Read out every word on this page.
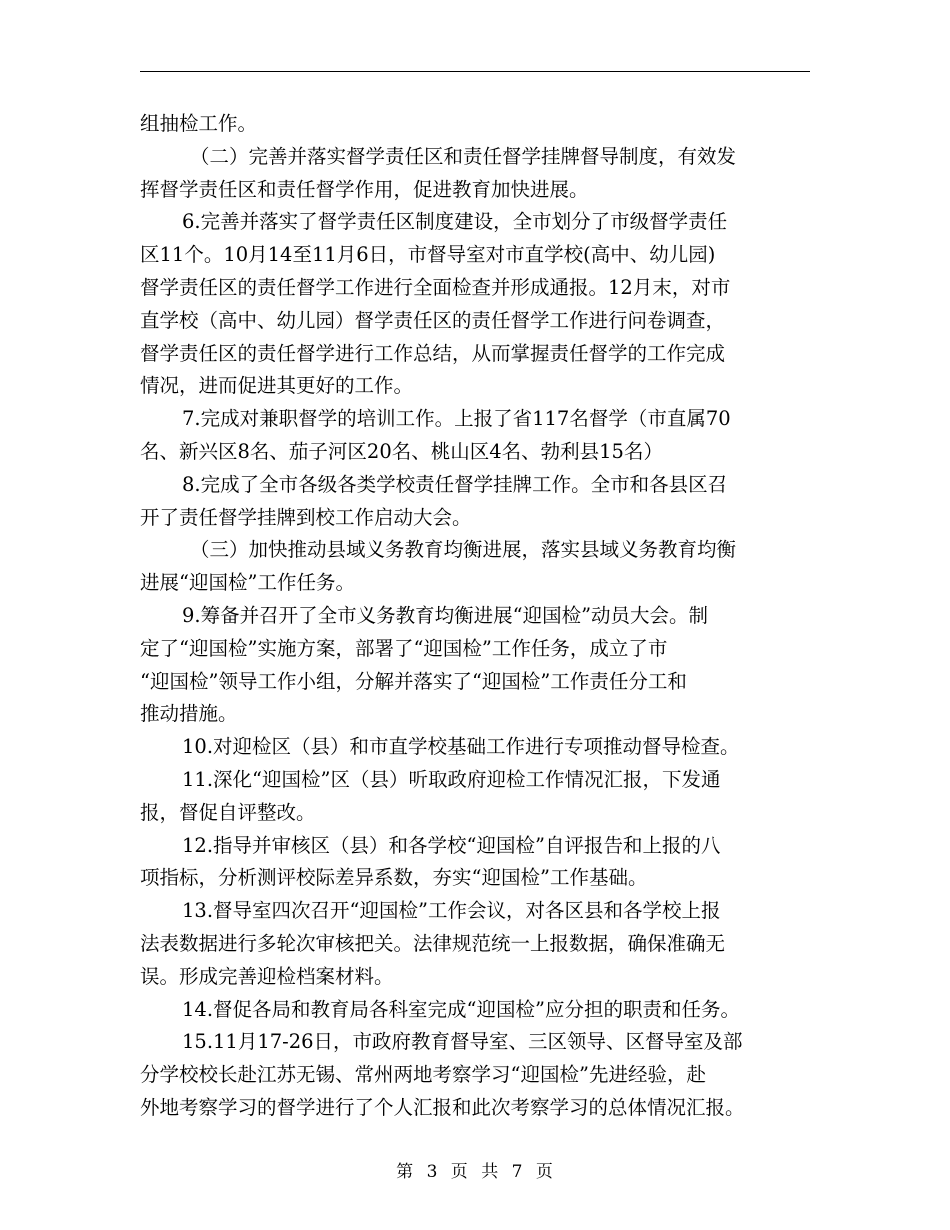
组抽检工作。
（二）完善并落实督学责任区和责任督学挂牌督导制度，有效发
挥督学责任区和责任督学作用，促进教育加快进展。
6.完善并落实了督学责任区制度建设，全市划分了市级督学责任
区11个。10月14至11月6日，市督导室对市直学校(高中、幼儿园)
督学责任区的责任督学工作进行全面检查并形成通报。12月末，对市
直学校（高中、幼儿园）督学责任区的责任督学工作进行问卷调查，
督学责任区的责任督学进行工作总结，从而掌握责任督学的工作完成
情况，进而促进其更好的工作。
7.完成对兼职督学的培训工作。上报了省117名督学（市直属70
名、新兴区8名、茄子河区20名、桃山区4名、勃利县15名）
8.完成了全市各级各类学校责任督学挂牌工作。全市和各县区召
开了责任督学挂牌到校工作启动大会。
（三）加快推动县域义务教育均衡进展，落实县域义务教育均衡
进展“迎国检”工作任务。
9.筹备并召开了全市义务教育均衡进展“迎国检”动员大会。制
定了“迎国检”实施方案，部署了“迎国检”工作任务，成立了市
“迎国检”领导工作小组，分解并落实了“迎国检”工作责任分工和
推动措施。
10.对迎检区（县）和市直学校基础工作进行专项推动督导检查。
11.深化“迎国检”区（县）听取政府迎检工作情况汇报，下发通
报，督促自评整改。
12.指导并审核区（县）和各学校“迎国检”自评报告和上报的八
项指标，分析测评校际差异系数，夯实“迎国检”工作基础。
13.督导室四次召开“迎国检”工作会议，对各区县和各学校上报
法表数据进行多轮次审核把关。法律规范统一上报数据，确保准确无
误。形成完善迎检档案材料。
14.督促各局和教育局各科室完成“迎国检”应分担的职责和任务。
15.11月17-26日，市政府教育督导室、三区领导、区督导室及部
分学校校长赴江苏无锡、常州两地考察学习“迎国检”先进经验，赴
外地考察学习的督学进行了个人汇报和此次考察学习的总体情况汇报。
第 3 页 共 7 页
